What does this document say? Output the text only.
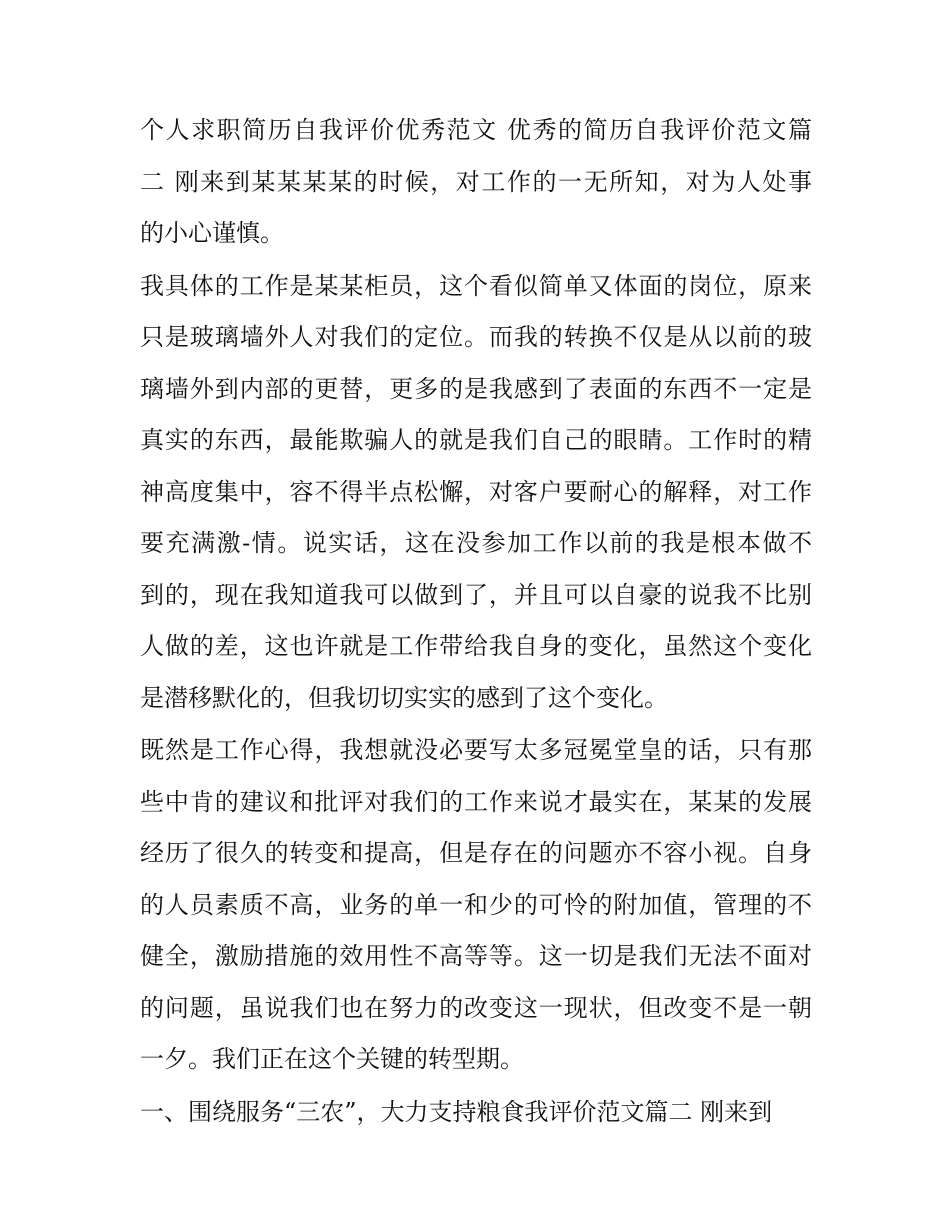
个人求职简历自我评价优秀范文 优秀的简历自我评价范文篇
二 刚来到某某某某的时候，对工作的一无所知，对为人处事
的小心谨慎。
我具体的工作是某某柜员，这个看似简单又体面的岗位，原来
只是玻璃墙外人对我们的定位。而我的转换不仅是从以前的玻
璃墙外到内部的更替，更多的是我感到了表面的东西不一定是
真实的东西，最能欺骗人的就是我们自己的眼睛。工作时的精
神高度集中，容不得半点松懈，对客户要耐心的解释，对工作
要充满激-情。说实话，这在没参加工作以前的我是根本做不
到的，现在我知道我可以做到了，并且可以自豪的说我不比别
人做的差，这也许就是工作带给我自身的变化，虽然这个变化
是潜移默化的，但我切切实实的感到了这个变化。
既然是工作心得，我想就没必要写太多冠冕堂皇的话，只有那
些中肯的建议和批评对我们的工作来说才最实在，某某的发展
经历了很久的转变和提高，但是存在的问题亦不容小视。自身
的人员素质不高，业务的单一和少的可怜的附加值，管理的不
健全，激励措施的效用性不高等等。这一切是我们无法不面对
的问题，虽说我们也在努力的改变这一现状，但改变不是一朝
一夕。我们正在这个关键的转型期。
一、围绕服务“三农”，大力支持粮食我评价范文篇二 刚来到
